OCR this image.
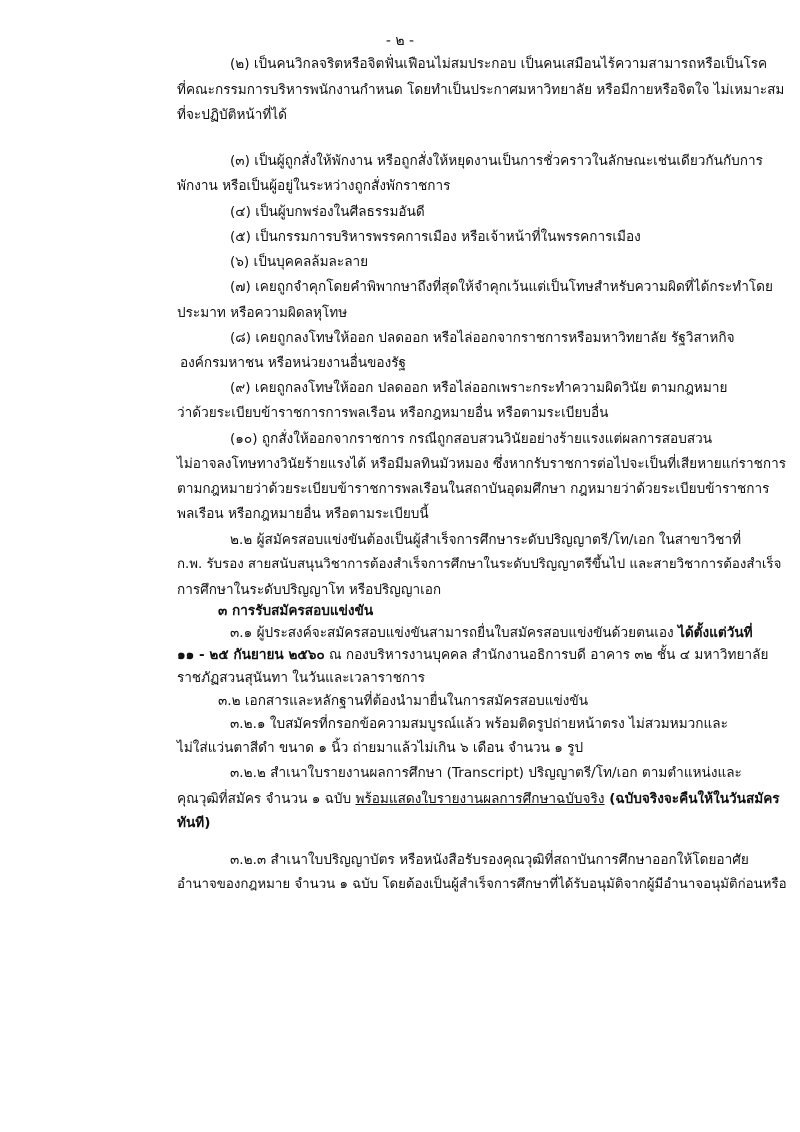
- ๒ -
(๒) เป็นคนวิกลจริตหรือจิตฟั่นเฟือนไม่สมประกอบ เป็นคนเสมือนไร้ความสามารถหรือเป็นโรค
ที่คณะกรรมการบริหารพนักงานกำหนด โดยทำเป็นประกาศมหาวิทยาลัย หรือมีกายหรือจิตใจ ไม่เหมาะสม
ที่จะปฏิบัติหน้าที่ได้
(๓) เป็นผู้ถูกสั่งให้พักงาน หรือถูกสั่งให้หยุดงานเป็นการชั่วคราวในลักษณะเช่นเดียวกันกับการ
พักงาน หรือเป็นผู้อยู่ในระหว่างถูกสั่งพักราชการ
(๔) เป็นผู้บกพร่องในศีลธรรมอันดี
(๕) เป็นกรรมการบริหารพรรคการเมือง หรือเจ้าหน้าที่ในพรรคการเมือง
(๖) เป็นบุคคลล้มละลาย
(๗) เคยถูกจำคุกโดยคำพิพากษาถึงที่สุดให้จำคุกเว้นแต่เป็นโทษสำหรับความผิดที่ได้กระทำโดย
ประมาท หรือความผิดลหุโทษ
(๘) เคยถูกลงโทษให้ออก ปลดออก หรือไล่ออกจากราชการหรือมหาวิทยาลัย รัฐวิสาหกิจ
องค์กรมหาชน หรือหน่วยงานอื่นของรัฐ
(๙) เคยถูกลงโทษให้ออก ปลดออก หรือไล่ออกเพราะกระทำความผิดวินัย ตามกฎหมาย
ว่าด้วยระเบียบข้าราชการการพลเรือน หรือกฎหมายอื่น หรือตามระเบียบอื่น
(๑๐) ถูกสั่งให้ออกจากราชการ กรณีถูกสอบสวนวินัยอย่างร้ายแรงแต่ผลการสอบสวน
ไม่อาจลงโทษทางวินัยร้ายแรงได้ หรือมีมลทินมัวหมอง ซึ่งหากรับราชการต่อไปจะเป็นที่เสียหายแก่ราชการ
ตามกฎหมายว่าด้วยระเบียบข้าราชการพลเรือนในสถาบันอุดมศึกษา กฎหมายว่าด้วยระเบียบข้าราชการ
พลเรือน หรือกฎหมายอื่น หรือตามระเบียบนี้
๒.๒ ผู้สมัครสอบแข่งขันต้องเป็นผู้สำเร็จการศึกษาระดับปริญญาตรี/โท/เอก ในสาขาวิชาที่
ก.พ. รับรอง สายสนับสนุนวิชาการต้องสำเร็จการศึกษาในระดับปริญญาตรีขึ้นไป และสายวิชาการต้องสำเร็จ
การศึกษาในระดับปริญญาโท หรือปริญญาเอก
๓ การรับสมัครสอบแข่งขัน
๓.๑ ผู้ประสงค์จะสมัครสอบแข่งขันสามารถยื่นใบสมัครสอบแข่งขันด้วยตนเอง ได้ตั้งแต่วันที่
๑๑ - ๒๕ กันยายน ๒๕๖๐ ณ กองบริหารงานบุคคล สำนักงานอธิการบดี อาคาร ๓๒ ชั้น ๔ มหาวิทยาลัย
ราชภัฏสวนสุนันทา ในวันและเวลาราชการ
๓.๒ เอกสารและหลักฐานที่ต้องนำมายื่นในการสมัครสอบแข่งขัน
๓.๒.๑ ใบสมัครที่กรอกข้อความสมบูรณ์แล้ว พร้อมติดรูปถ่ายหน้าตรง ไม่สวมหมวกและ
ไม่ใส่แว่นตาสีดำ ขนาด ๑ นิ้ว ถ่ายมาแล้วไม่เกิน ๖ เดือน จำนวน ๑ รูป
๓.๒.๒ สำเนาใบรายงานผลการศึกษา (Transcript) ปริญญาตรี/โท/เอก ตามตำแหน่งและ
คุณวุฒิที่สมัคร จำนวน ๑ ฉบับ พร้อมแสดงใบรายงานผลการศึกษาฉบับจริง (ฉบับจริงจะคืนให้ในวันสมัคร
ทันที)
๓.๒.๓ สำเนาใบปริญญาบัตร หรือหนังสือรับรองคุณวุฒิที่สถาบันการศึกษาออกให้โดยอาศัย
อำนาจของกฎหมาย จำนวน ๑ ฉบับ โดยต้องเป็นผู้สำเร็จการศึกษาที่ได้รับอนุมัติจากผู้มีอำนาจอนุมัติก่อนหรือ
